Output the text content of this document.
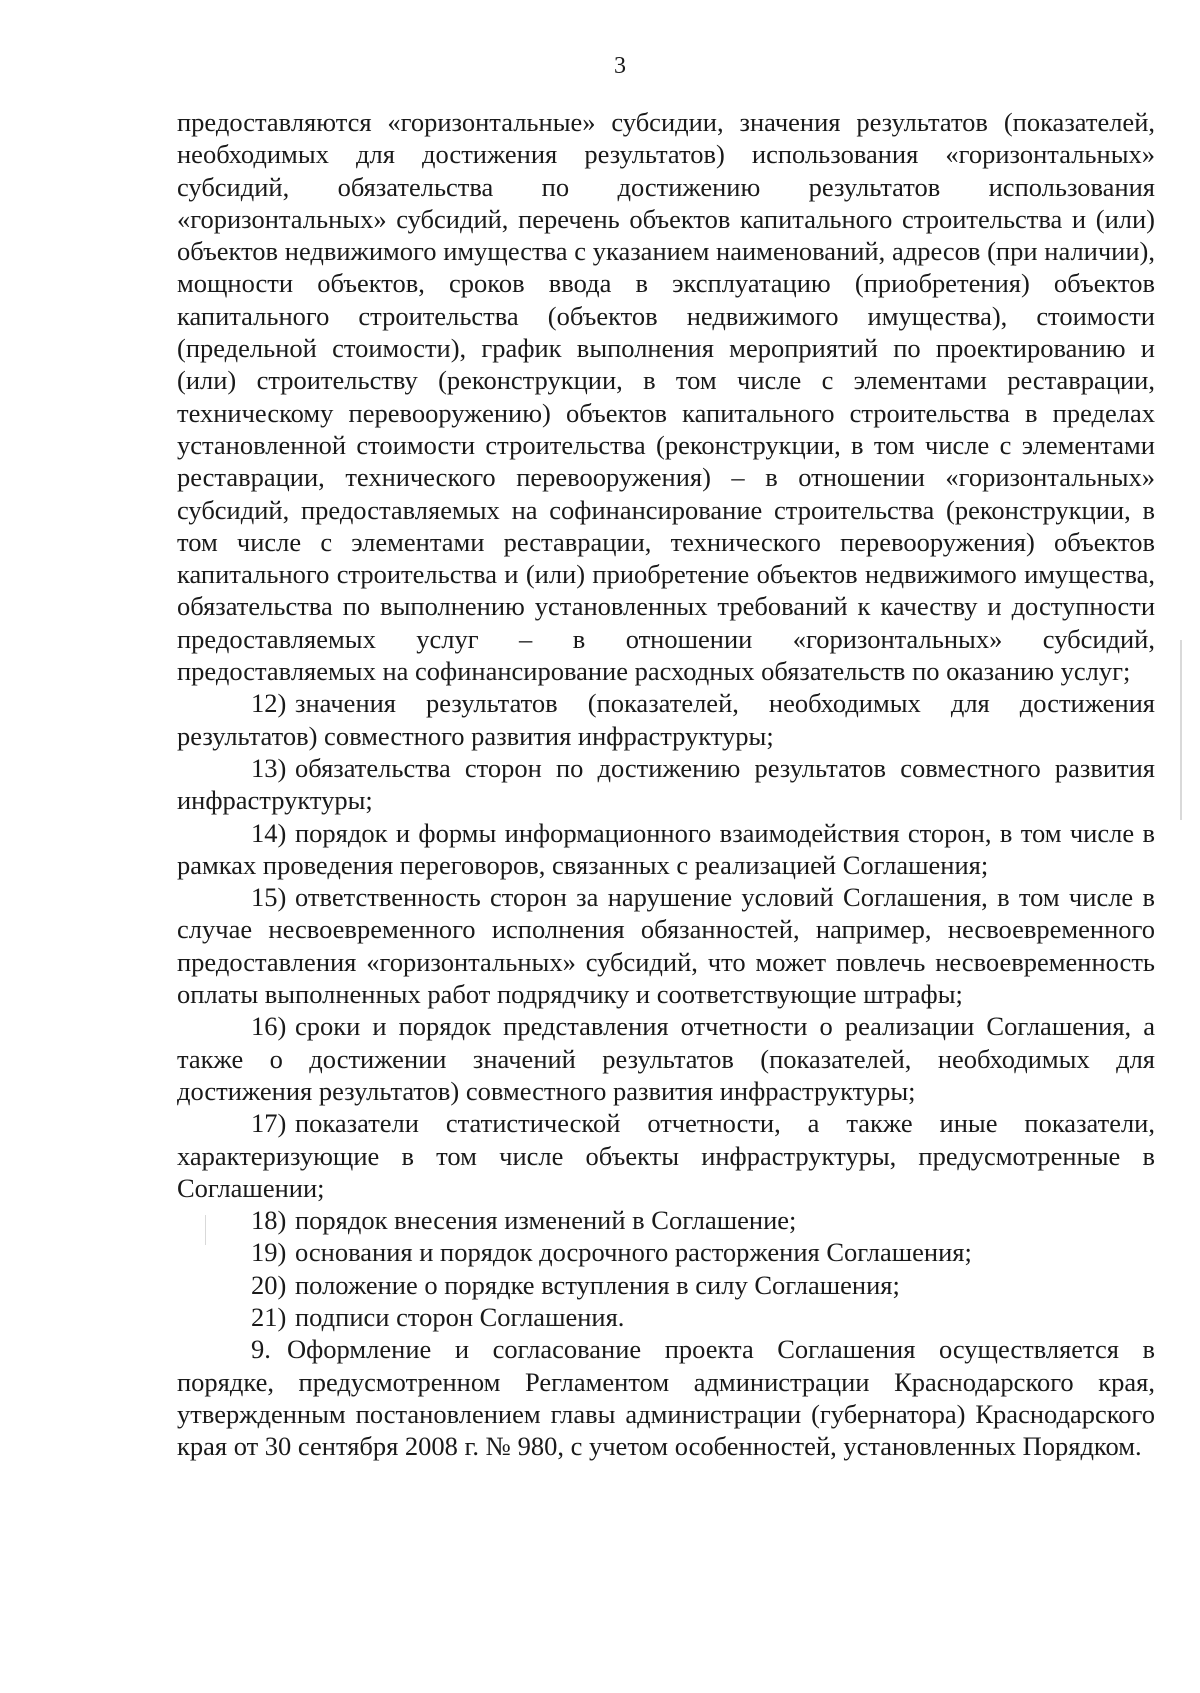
3

предоставляются «горизонтальные» субсидии, значения результатов (показателей, необходимых для достижения результатов) использования «горизонтальных» субсидий, обязательства по достижению результатов использования «горизонтальных» субсидий, перечень объектов капитального строительства и (или) объектов недвижимого имущества с указанием наименований, адресов (при наличии), мощности объектов, сроков ввода в эксплуатацию (приобретения) объектов капитального строительства (объектов недвижимого имущества), стоимости (предельной стоимости), график выполнения мероприятий по проектированию и (или) строительству (реконструкции, в том числе с элементами реставрации, техническому перевооружению) объектов капитального строительства в пределах установленной стоимости строительства (реконструкции, в том числе с элементами реставрации, технического перевооружения) – в отношении «горизонтальных» субсидий, предоставляемых на софинансирование строительства (реконструкции, в том числе с элементами реставрации, технического перевооружения) объектов капитального строительства и (или) приобретение объектов недвижимого имущества, обязательства по выполнению установленных требований к качеству и доступности предоставляемых услуг – в отношении «горизонтальных» субсидий, предоставляемых на софинансирование расходных обязательств по оказанию услуг;

12) значения результатов (показателей, необходимых для достижения результатов) совместного развития инфраструктуры;

13) обязательства сторон по достижению результатов совместного развития инфраструктуры;

14) порядок и формы информационного взаимодействия сторон, в том числе в рамках проведения переговоров, связанных с реализацией Соглашения;

15) ответственность сторон за нарушение условий Соглашения, в том числе в случае несвоевременного исполнения обязанностей, например, несвоевременного предоставления «горизонтальных» субсидий, что может повлечь несвоевременность оплаты выполненных работ подрядчику и соответствующие штрафы;

16) сроки и порядок представления отчетности о реализации Соглашения, а также о достижении значений результатов (показателей, необходимых для достижения результатов) совместного развития инфраструктуры;

17) показатели статистической отчетности, а также иные показатели, характеризующие в том числе объекты инфраструктуры, предусмотренные в Соглашении;

18) порядок внесения изменений в Соглашение;

19) основания и порядок досрочного расторжения Соглашения;

20) положение о порядке вступления в силу Соглашения;

21) подписи сторон Соглашения.

9. Оформление и согласование проекта Соглашения осуществляется в порядке, предусмотренном Регламентом администрации Краснодарского края, утвержденным постановлением главы администрации (губернатора) Краснодарского края от 30 сентября 2008 г. № 980, с учетом особенностей, установленных Порядком.
